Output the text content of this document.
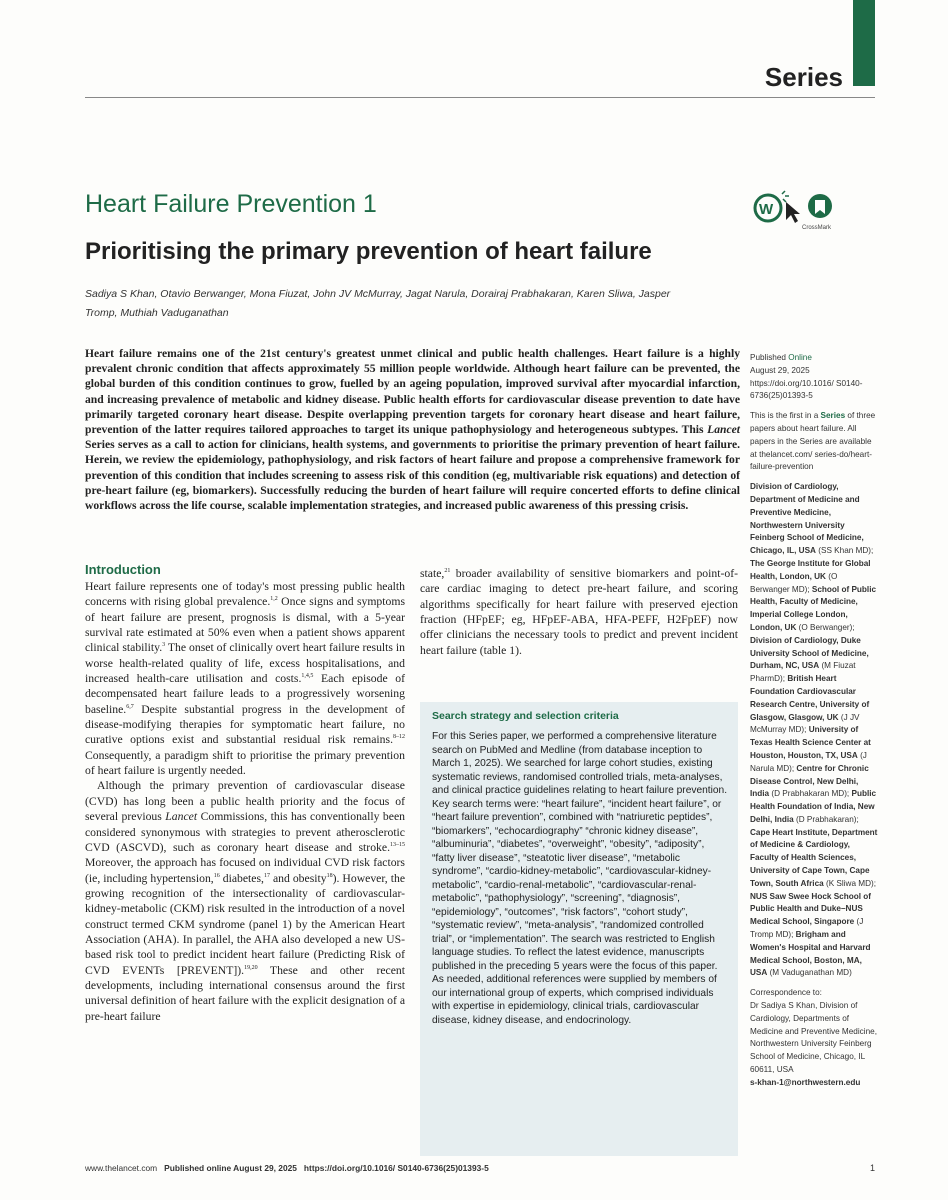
Series
Heart Failure Prevention 1	W
CrossMark
Prioritising the primary prevention of heart failure
Sadiya S Khan, Otavio Berwanger, Mona Fiuzat, John JV McMurray, Jagat Narula, Dorairaj Prabhakaran, Karen Sliwa, Jasper Tromp, Muthiah Vaduganathan

Heart failure remains one of the 21st century's greatest unmet clinical and public health challenges. Heart failure is a highly prevalent chronic condition that affects approximately 55 million people worldwide. Although heart failure can be prevented, the global burden of this condition continues to grow, fuelled by an ageing population, improved survival after myocardial infarction, and increasing prevalence of metabolic and kidney disease. Public health efforts for cardiovascular disease prevention to date have primarily targeted coronary heart disease. Despite overlapping prevention targets for coronary heart disease and heart failure, prevention of the latter requires tailored approaches to target its unique pathophysiology and heterogeneous subtypes. This Lancet Series serves as a call to action for clinicians, health systems, and governments to prioritise the primary prevention of heart failure. Herein, we review the epidemiology, pathophysiology, and risk factors of heart failure and propose a comprehensive framework for prevention of this condition that includes screening to assess risk of this condition (eg, multivariable risk equations) and detection of pre-heart failure (eg, biomarkers). Successfully reducing the burden of heart failure will require concerted efforts to define clinical workflows across the life course, scalable implementation strategies, and increased public awareness of this pressing crisis.

Published Online
August 29, 2025
https://doi.org/10.1016/ S0140-6736(25)01393-5

This is the first in a Series of three papers about heart failure. All papers in the Series are available at thelancet.com/ series-do/heart-failure-prevention

Division of Cardiology, Department of Medicine and Preventive Medicine, Northwestern University Feinberg School of Medicine, Chicago, IL, USA (SS Khan MD); The George Institute for Global Health, London, UK (O Berwanger MD); School of Public Health, Faculty of Medicine, Imperial College London, London, UK (O Berwanger); Division of Cardiology, Duke University School of Medicine, Durham, NC, USA (M Fiuzat PharmD); British Heart Foundation Cardiovascular Research Centre, University of Glasgow, Glasgow, UK (J JV McMurray MD); University of Texas Health Science Center at Houston, Houston, TX, USA (J Narula MD); Centre for Chronic Disease Control, New Delhi, India (D Prabhakaran MD); Public Health Foundation of India, New Delhi, India (D Prabhakaran); Cape Heart Institute, Department of Medicine & Cardiology, Faculty of Health Sciences, University of Cape Town, Cape Town, South Africa (K Sliwa MD); NUS Saw Swee Hock School of Public Health and Duke–NUS Medical School, Singapore (J Tromp MD); Brigham and Women's Hospital and Harvard Medical School, Boston, MA, USA (M Vaduganathan MD)

Correspondence to:
Dr Sadiya S Khan, Division of Cardiology, Departments of Medicine and Preventive Medicine, Northwestern University Feinberg School of Medicine, Chicago, IL 60611, USA
s-khan-1@northwestern.edu

Introduction

Heart failure represents one of today's most pressing public health concerns with rising global prevalence.$^{1,2}$ Once signs and symptoms of heart failure are present, prognosis is dismal, with a 5-year survival rate estimated at 50% even when a patient shows apparent clinical stability.$^3$ The onset of clinically overt heart failure results in worse health-related quality of life, excess hospitalisations, and increased health-care utilisation and costs.$^{1,4,5}$ Each episode of decompensated heart failure leads to a progressively worsening baseline.$^{6,7}$ Despite substantial progress in the development of disease-modifying therapies for symptomatic heart failure, no curative options exist and substantial residual risk remains.$^{8-12}$ Consequently, a paradigm shift to prioritise the primary prevention of heart failure is urgently needed.

Although the primary prevention of cardiovascular disease (CVD) has long been a public health priority and the focus of several previous Lancet Commissions, this has conventionally been considered synonymous with strategies to prevent atherosclerotic CVD (ASCVD), such as coronary heart disease and stroke.$^{13-15}$ Moreover, the approach has focused on individual CVD risk factors (ie, including hypertension,$^{16}$ diabetes,$^{17}$ and obesity$^{18}$). However, the growing recognition of the intersectionality of cardiovascular-kidney-metabolic (CKM) risk resulted in the introduction of a novel construct termed CKM syndrome (panel 1) by the American Heart Association (AHA). In parallel, the AHA also developed a new US-based risk tool to predict incident heart failure (Predicting Risk of CVD EVENTs [PREVENT]).$^{19,20}$ These and other recent developments, including international consensus around the first universal definition of heart failure with the explicit designation of a pre-heart failure

state,$^{21}$ broader availability of sensitive biomarkers and point-of-care cardiac imaging to detect pre-heart failure, and scoring algorithms specifically for heart failure with preserved ejection fraction (HFpEF; eg, HFpEF-ABA, HFA-PEFF, H2FpEF) now offer clinicians the necessary tools to predict and prevent incident heart failure (table 1).

Search strategy and selection criteria

For this Series paper, we performed a comprehensive literature search on PubMed and Medline (from database inception to March 1, 2025). We searched for large cohort studies, existing systematic reviews, randomised controlled trials, meta-analyses, and clinical practice guidelines relating to heart failure prevention. Key search terms were: “heart failure”, “incident heart failure”, or “heart failure prevention”, combined with “natriuretic peptides”, “biomarkers”, “echocardiography” “chronic kidney disease”, “albuminuria”, “diabetes”, “overweight”, “obesity”, “adiposity”, “fatty liver disease”, “steatotic liver disease”, “metabolic syndrome”, “cardio-kidney-metabolic”, “cardiovascular-kidney-metabolic”, “cardio-renal-metabolic”, “cardiovascular-renal-metabolic”, “pathophysiology”, “screening”, “diagnosis”, “epidemiology”, “outcomes”, “risk factors”, “cohort study”, “systematic review”, “meta-analysis”, “randomized controlled trial”, or “implementation”. The search was restricted to English language studies. To reflect the latest evidence, manuscripts published in the preceding 5 years were the focus of this paper. As needed, additional references were supplied by members of our international group of experts, which comprised individuals with expertise in epidemiology, clinical trials, cardiovascular disease, kidney disease, and endocrinology.

www.thelancet.com Published online August 29, 2025 https://doi.org/10.1016/ S0140-6736(25)01393-5	1
